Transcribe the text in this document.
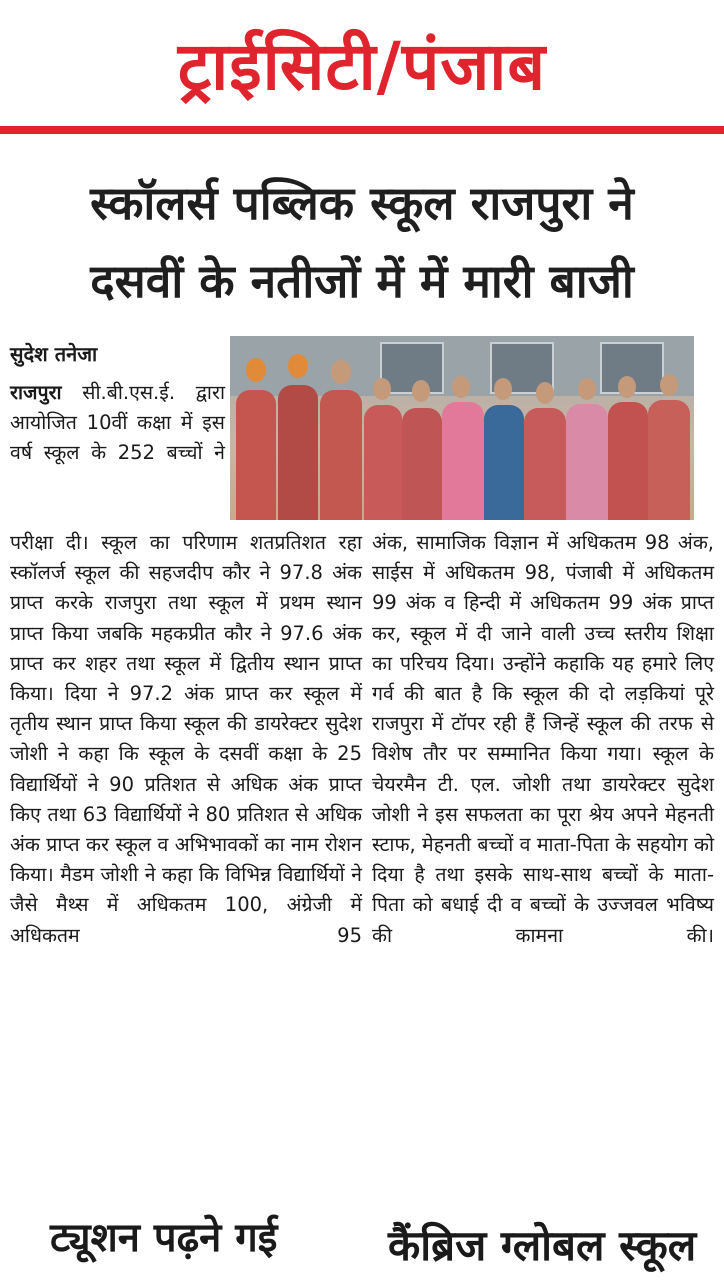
ट्राईसिटी/पंजाब
स्कॉलर्स पब्लिक स्कूल राजपुरा ने
दसवीं के नतीजों में में मारी बाजी
सुदेश तनेजा
राजपुरा सी.बी.एस.ई. द्वारा आयोजित 10वीं कक्षा में इस वर्ष स्कूल के 252 बच्चों ने
परीक्षा दी। स्कूल का परिणाम शतप्रतिशत रहा स्कॉलर्ज स्कूल की सहजदीप कौर ने 97.8 अंक प्राप्त करके राजपुरा तथा स्कूल में प्रथम स्थान प्राप्त किया जबकि महकप्रीत कौर ने 97.6 अंक प्राप्त कर शहर तथा स्कूल में द्वितीय स्थान प्राप्त किया। दिया ने 97.2 अंक प्राप्त कर स्कूल में तृतीय स्थान प्राप्त किया स्कूल की डायरेक्टर सुदेश जोशी ने कहा कि स्कूल के दसवीं कक्षा के 25 विद्यार्थियों ने 90 प्रतिशत से अधिक अंक प्राप्त किए तथा 63 विद्यार्थियों ने 80 प्रतिशत से अधिक अंक प्राप्त कर स्कूल व अभिभावकों का नाम रोशन किया। मैडम जोशी ने कहा कि विभिन्न विद्यार्थियों ने जैसे मैथ्स में अधिकतम 100, अंग्रेजी में अधिकतम 95
अंक, सामाजिक विज्ञान में अधिकतम 98 अंक, साईस में अधिकतम 98, पंजाबी में अधिकतम 99 अंक व हिन्दी में अधिकतम 99 अंक प्राप्त कर, स्कूल में दी जाने वाली उच्च स्तरीय शिक्षा का परिचय दिया। उन्होंने कहाकि यह हमारे लिए गर्व की बात है कि स्कूल की दो लड़कियां पूरे राजपुरा में टॉपर रही हैं जिन्हें स्कूल की तरफ से विशेष तौर पर सम्मानित किया गया। स्कूल के चेयरमैन टी. एल. जोशी तथा डायरेक्टर सुदेश जोशी ने इस सफलता का पूरा श्रेय अपने मेहनती स्टाफ, मेहनती बच्चों व माता-पिता के सहयोग को दिया है तथा इसके साथ-साथ बच्चों के माता-पिता को बधाई दी व बच्चों के उज्जवल भविष्य की कामना की।
ट्यूशन पढ़ने गई	कैंब्रिज ग्लोबल स्कूल
